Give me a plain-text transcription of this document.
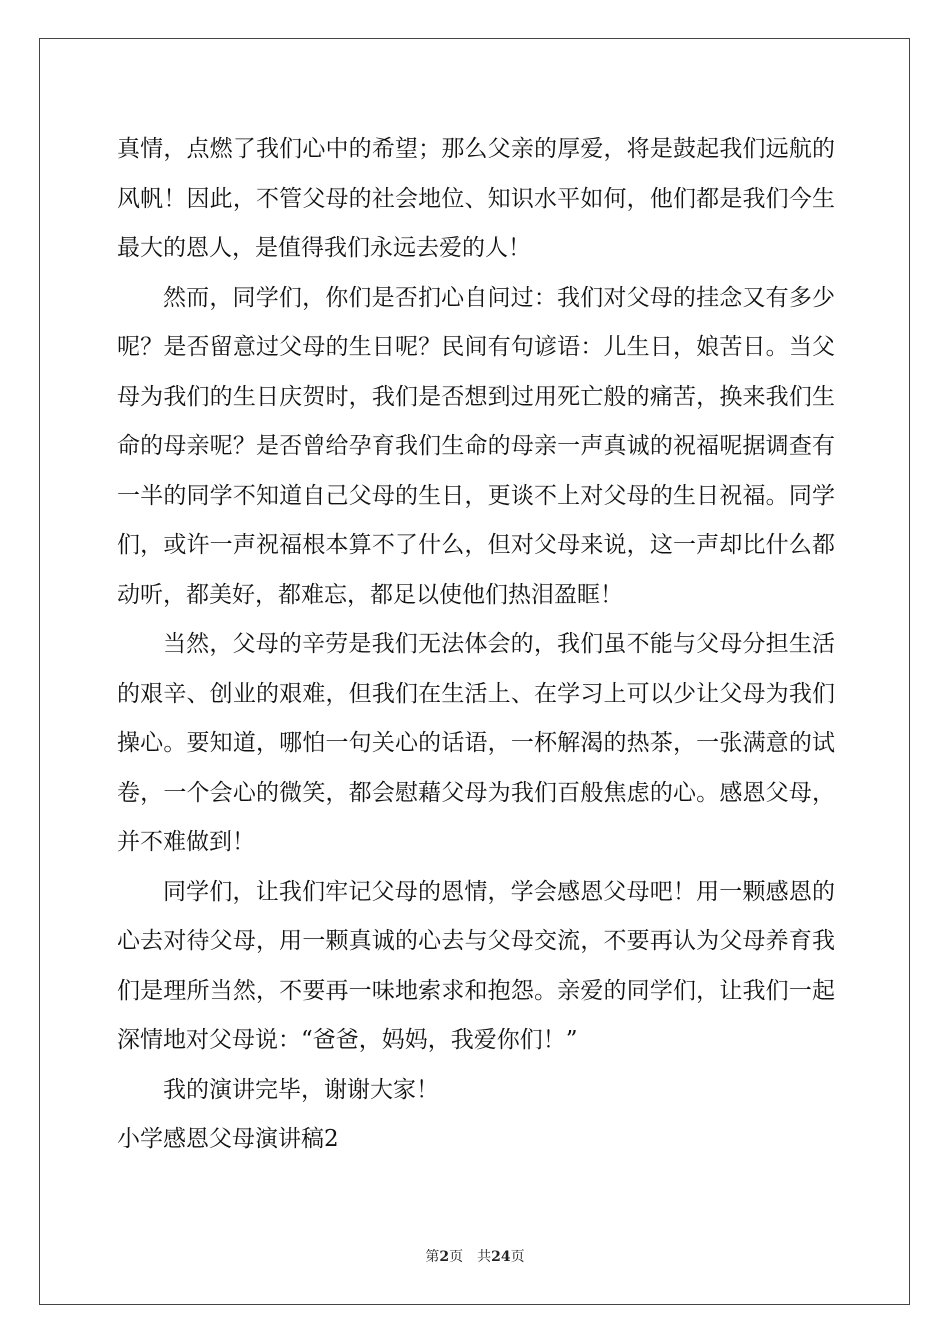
真情，点燃了我们心中的希望；那么父亲的厚爱，将是鼓起我们远航的风帆！因此，不管父母的社会地位、知识水平如何，他们都是我们今生最大的恩人，是值得我们永远去爱的人！

然而，同学们，你们是否扪心自问过：我们对父母的挂念又有多少呢？是否留意过父母的生日呢？民间有句谚语：儿生日，娘苦日。当父母为我们的生日庆贺时，我们是否想到过用死亡般的痛苦，换来我们生命的母亲呢？是否曾给孕育我们生命的母亲一声真诚的祝福呢据调查有一半的同学不知道自己父母的生日，更谈不上对父母的生日祝福。同学们，或许一声祝福根本算不了什么，但对父母来说，这一声却比什么都动听，都美好，都难忘，都足以使他们热泪盈眶！

当然，父母的辛劳是我们无法体会的，我们虽不能与父母分担生活的艰辛、创业的艰难，但我们在生活上、在学习上可以少让父母为我们操心。要知道，哪怕一句关心的话语，一杯解渴的热茶，一张满意的试卷，一个会心的微笑，都会慰藉父母为我们百般焦虑的心。感恩父母，并不难做到！

同学们，让我们牢记父母的恩情，学会感恩父母吧！用一颗感恩的心去对待父母，用一颗真诚的心去与父母交流，不要再认为父母养育我们是理所当然，不要再一味地索求和抱怨。亲爱的同学们，让我们一起深情地对父母说：“爸爸，妈妈，我爱你们！”

我的演讲完毕，谢谢大家！

小学感恩父母演讲稿2

第2页 共24页
